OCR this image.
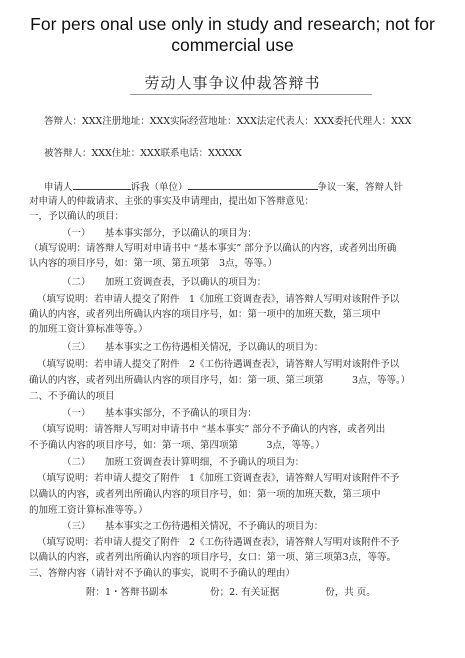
For pers onal use only in study and research; not for
commercial use
劳动人事争议仲裁答辩书
答辩人：XXX注册地址：XXX实际经营地址：XXX法定代表人：XXX委托代理人：XXX
被答辩人：XXX住址：XXX联系电话：XXXXX
申请人	诉我（单位）	争议一案，答辩人针
对申请人的仲裁请求、主张的事实及申请理由，提出如下答辩意见：
一，予以确认的项目：
（一）　　基本事实部分，予以确认的项目为：
（填写说明：请答辩人写明对申请书中 “基本事实” 部分予以确认的内容，或者列出所确
认内容的项目序号，如：第一项、第五项第　3点，等等。）
（二）　　加班工资调查表，予以确认的项目为：
（填写说明：若申请人提交了附件　1《加班工资调查表》，请答辩人写明对该附件予以
确认的内容，或者列出所确认内容的项目序号，如：第一项中的加班天数，第三项中
的加班工资计算标准等等。）
（三）　　基本事实之工伤待遇相关情况，予以确认的项目为：
（填写说明：若申请人提交了附件　2《工伤待遇调查表》，请答辩人写明对该附件予以
确认的内容，或者列出所确认内容的项目序号，如：第一项、第三项第　　　3点，等等。）
二、不予确认的项目
（一）　　基本事实部分，不予确认的项目为：
（填写说明：请答辩人写明对申请书中 “基本事实” 部分不予确认的内容，或者列出
不予确认内容的项目序号，如：第一项、第四项第　　　3点，等等。）
（二）　　加班工资调查表计算明细，不予确认的项目为：
（填写说明：若申请人提交了附件　1《加班工资调查表》，请答辩人写明对该附件不予
以确认的内容，或者列出所确认内容的项目序号，如：第一项的加班天数，第三项中
的加班工资计算标准等等。）
（三）　　基本事实之工伤待遇相关情况，不予确认的项目为：
（填写说明：若申请人提交了附件　2《工伤待遇调查表》，请答辩人写明对该附件不予
以确认的内容，或者列出所确认内容的项目序号，女口：第一项、第三项第3点，等等。
三、答辩内容（请针对不予确认的事实，说明不予确认的理由）
附：1・答辩书副本	份；2. 有关证据	份，共 页。
